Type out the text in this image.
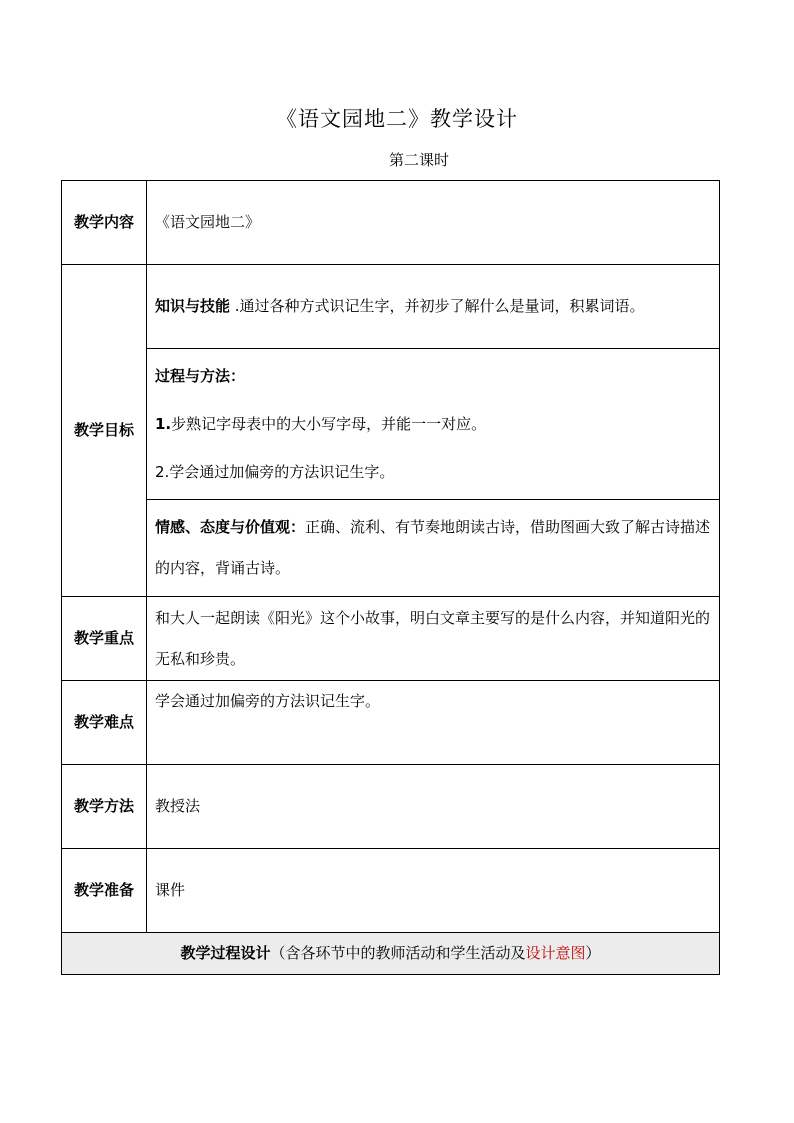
《语文园地二》教学设计
第二课时
教学内容	《语文园地二》
教学目标	知识与技能 .通过各种方式识记生字，并初步了解什么是量词，积累词语。

	过程与方法：
1.步熟记字母表中的大小写字母，并能一一对应。
2.学会通过加偏旁的方法识记生字。

	情感、态度与价值观：正确、流利、有节奏地朗读古诗，借助图画大致了解古诗描述的内容，背诵古诗。
教学重点	和大人一起朗读《阳光》这个小故事，明白文章主要写的是什么内容，并知道阳光的无私和珍贵。
教学难点	学会通过加偏旁的方法识记生字。
教学方法	教授法
教学准备	课件
教学过程设计（含各环节中的教师活动和学生活动及设计意图）	
